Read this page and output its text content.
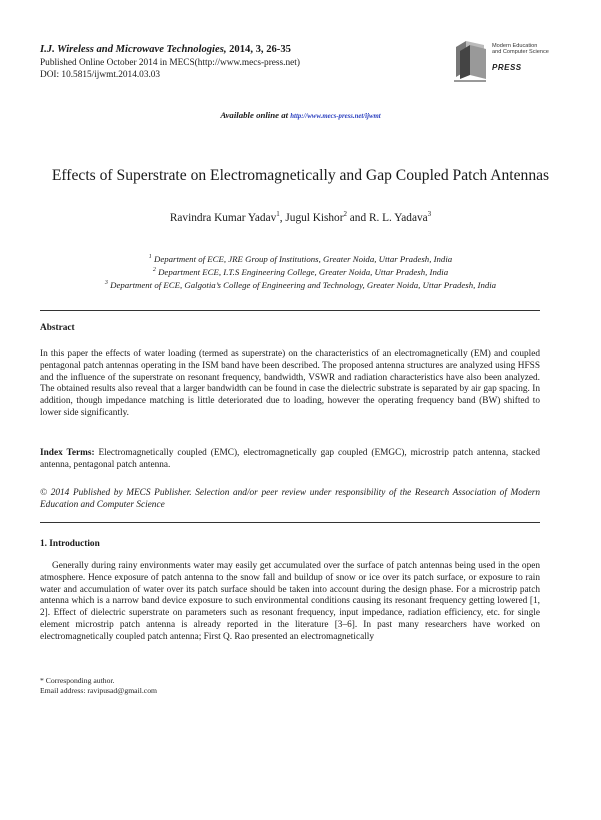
I.J. Wireless and Microwave Technologies, 2014, 3, 26-35
Published Online October 2014 in MECS(http://www.mecs-press.net)
DOI: 10.5815/ijwmt.2014.03.03
Modern Education
and Computer Science
PRESS
Available online at http://www.mecs-press.net/ijwmt
Effects of Superstrate on Electromagnetically and Gap Coupled Patch Antennas
Ravindra Kumar Yadav$^1$, Jugul Kishor$^2$ and R. L. Yadava$^3$
$^1$ Department of ECE, JRE Group of Institutions, Greater Noida, Uttar Pradesh, India
$^2$ Department ECE, I.T.S Engineering College, Greater Noida, Uttar Pradesh, India
$^3$ Department of ECE, Galgotia’s College of Engineering and Technology, Greater Noida, Uttar Pradesh, India
Abstract
In this paper the effects of water loading (termed as superstrate) on the characteristics of an electromagnetically (EM) and coupled pentagonal patch antennas operating in the ISM band have been described. The proposed antenna structures are analyzed using HFSS and the influence of the superstrate on resonant frequency, bandwidth, VSWR and radiation characteristics have also been analyzed. The obtained results also reveal that a larger bandwidth can be found in case the dielectric substrate is separated by air gap spacing. In addition, though impedance matching is little deteriorated due to loading, however the operating frequency band (BW) shifted to lower side significantly.
Index Terms: Electromagnetically coupled (EMC), electromagnetically gap coupled (EMGC), microstrip patch antenna, stacked antenna, pentagonal patch antenna.
© 2014 Published by MECS Publisher. Selection and/or peer review under responsibility of the Research Association of Modern Education and Computer Science
1. Introduction
Generally during rainy environments water may easily get accumulated over the surface of patch antennas being used in the open atmosphere. Hence exposure of patch antenna to the snow fall and buildup of snow or ice over its patch surface, or exposure to rain water and accumulation of water over its patch surface should be taken into account during the design phase. For a microstrip patch antenna which is a narrow band device exposure to such environmental conditions causing its resonant frequency getting lowered [1, 2]. Effect of dielectric superstrate on parameters such as resonant frequency, input impedance, radiation efficiency, etc. for single element microstrip patch antenna is already reported in the literature [3–6]. In past many researchers have worked on electromagnetically coupled patch antenna; First Q. Rao presented an electromagnetically
* Corresponding author.
Email address: ravipusad@gmail.com
